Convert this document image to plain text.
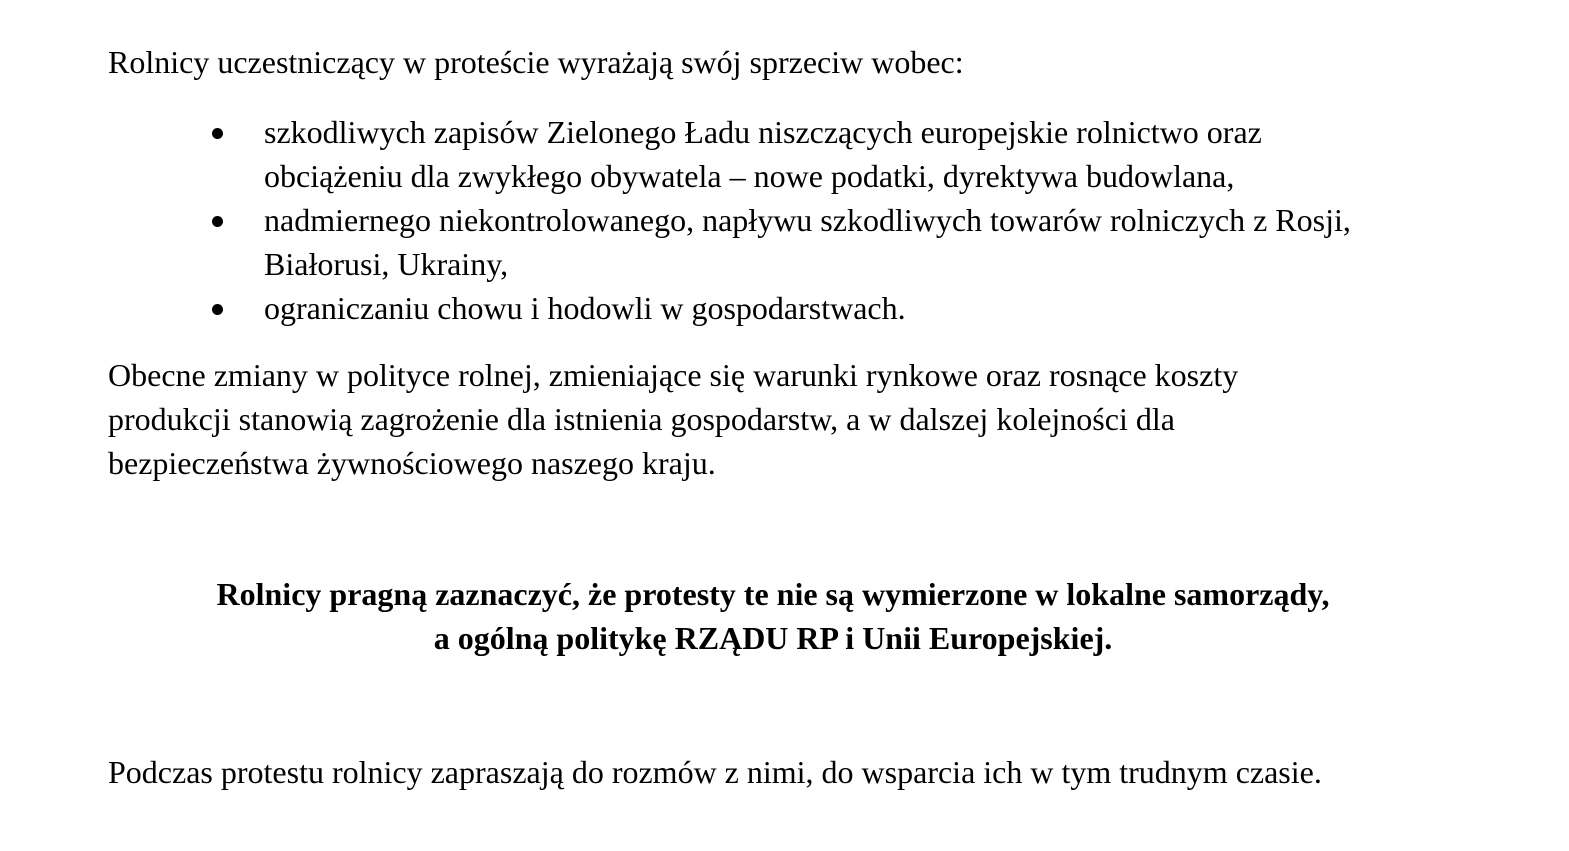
Rolnicy uczestniczący w proteście wyrażają swój sprzeciw wobec:

szkodliwych zapisów Zielonego Ładu niszczących europejskie rolnictwo oraz obciążeniu dla zwykłego obywatela – nowe podatki, dyrektywa budowlana,
nadmiernego niekontrolowanego, napływu szkodliwych towarów rolniczych z Rosji, Białorusi, Ukrainy,
ograniczaniu chowu i hodowli w gospodarstwach.

Obecne zmiany w polityce rolnej, zmieniające się warunki rynkowe oraz rosnące koszty produkcji stanowią zagrożenie dla istnienia gospodarstw, a w dalszej kolejności dla bezpieczeństwa żywnościowego naszego kraju.

Rolnicy pragną zaznaczyć, że protesty te nie są wymierzone w lokalne samorządy,
a ogólną politykę RZĄDU RP i Unii Europejskiej.

Podczas protestu rolnicy zapraszają do rozmów z nimi, do wsparcia ich w tym trudnym czasie.
